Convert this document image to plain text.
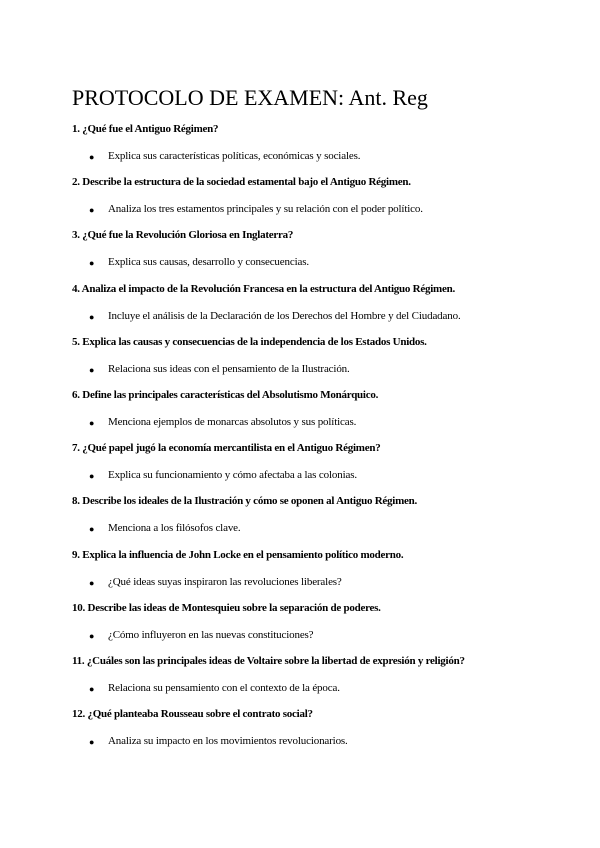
PROTOCOLO DE EXAMEN: Ant. Reg
1. ¿Qué fue el Antiguo Régimen?
● Explica sus características políticas, económicas y sociales.
2. Describe la estructura de la sociedad estamental bajo el Antiguo Régimen.
● Analiza los tres estamentos principales y su relación con el poder político.
3. ¿Qué fue la Revolución Gloriosa en Inglaterra?
● Explica sus causas, desarrollo y consecuencias.
4. Analiza el impacto de la Revolución Francesa en la estructura del Antiguo Régimen.
● Incluye el análisis de la Declaración de los Derechos del Hombre y del Ciudadano.
5. Explica las causas y consecuencias de la independencia de los Estados Unidos.
● Relaciona sus ideas con el pensamiento de la Ilustración.
6. Define las principales características del Absolutismo Monárquico.
● Menciona ejemplos de monarcas absolutos y sus políticas.
7. ¿Qué papel jugó la economía mercantilista en el Antiguo Régimen?
● Explica su funcionamiento y cómo afectaba a las colonias.
8. Describe los ideales de la Ilustración y cómo se oponen al Antiguo Régimen.
● Menciona a los filósofos clave.
9. Explica la influencia de John Locke en el pensamiento político moderno.
● ¿Qué ideas suyas inspiraron las revoluciones liberales?
10. Describe las ideas de Montesquieu sobre la separación de poderes.
● ¿Cómo influyeron en las nuevas constituciones?
11. ¿Cuáles son las principales ideas de Voltaire sobre la libertad de expresión y religión?
● Relaciona su pensamiento con el contexto de la época.
12. ¿Qué planteaba Rousseau sobre el contrato social?
● Analiza su impacto en los movimientos revolucionarios.
